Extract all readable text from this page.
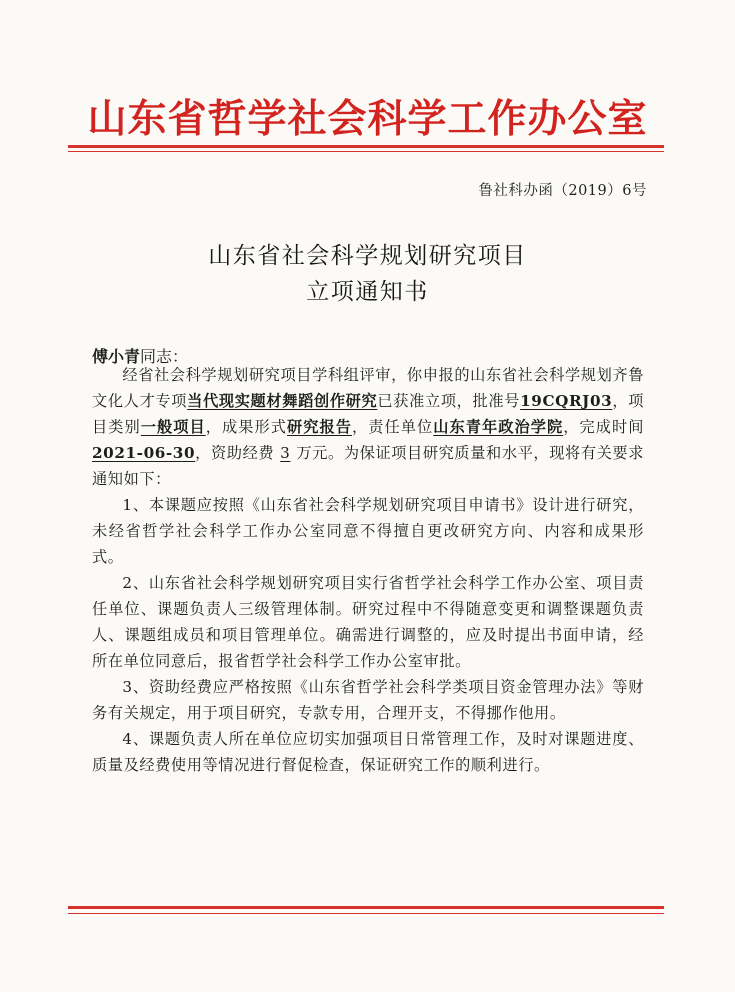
山东省哲学社会科学工作办公室
鲁社科办函（2019）6号
山东省社会科学规划研究项目
立项通知书
傅小青同志：

经省社会科学规划研究项目学科组评审，你申报的山东省社会科学规划齐鲁文化人才专项当代现实题材舞蹈创作研究已获准立项，批准号19CQRJ03，项目类别一般项目，成果形式研究报告，责任单位山东青年政治学院，完成时间2021-06-30，资助经费 3 万元。为保证项目研究质量和水平，现将有关要求通知如下：

1、本课题应按照《山东省社会科学规划研究项目申请书》设计进行研究，未经省哲学社会科学工作办公室同意不得擅自更改研究方向、内容和成果形式。

2、山东省社会科学规划研究项目实行省哲学社会科学工作办公室、项目责任单位、课题负责人三级管理体制。研究过程中不得随意变更和调整课题负责人、课题组成员和项目管理单位。确需进行调整的，应及时提出书面申请，经所在单位同意后，报省哲学社会科学工作办公室审批。

3、资助经费应严格按照《山东省哲学社会科学类项目资金管理办法》等财务有关规定，用于项目研究，专款专用，合理开支，不得挪作他用。

4、课题负责人所在单位应切实加强项目日常管理工作，及时对课题进度、质量及经费使用等情况进行督促检查，保证研究工作的顺利进行。
